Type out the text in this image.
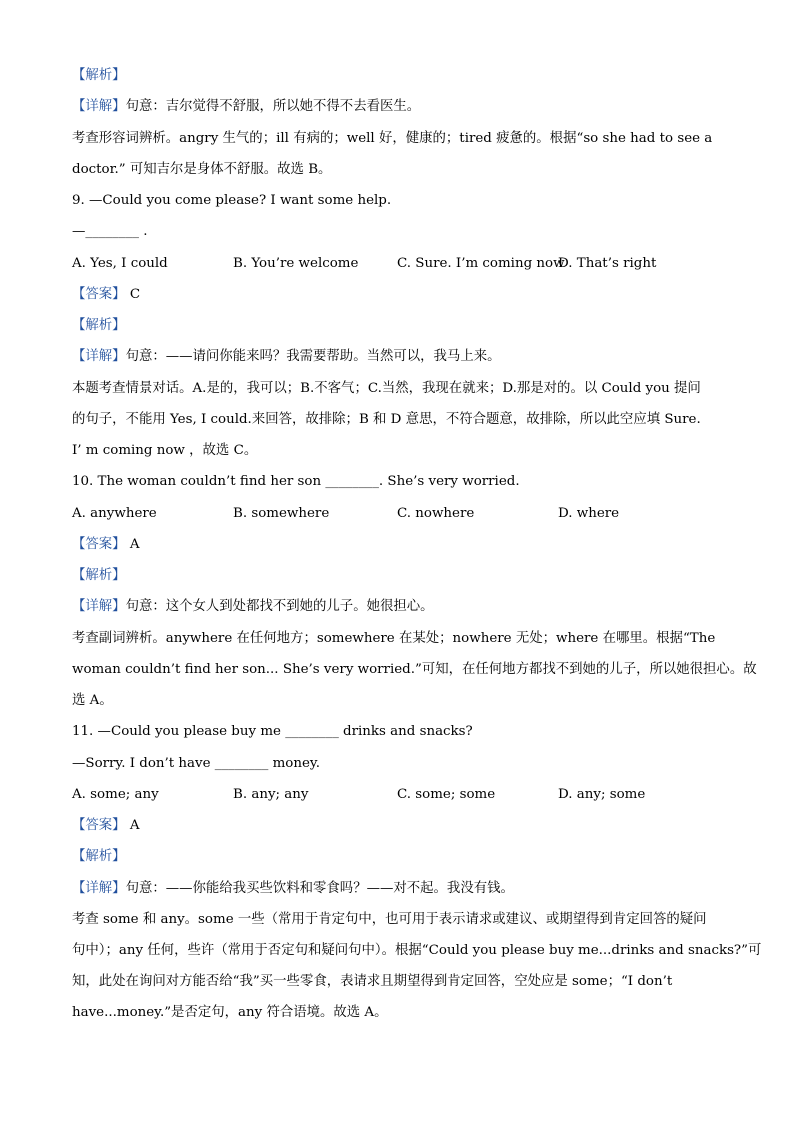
【解析】
【详解】句意：吉尔觉得不舒服，所以她不得不去看医生。
考查形容词辨析。angry 生气的；ill 有病的；well 好，健康的；tired 疲惫的。根据“so she had to see a
doctor.” 可知吉尔是身体不舒服。故选 B。
9. —Could you come please? I want some help.
—________ .
A. Yes, I could	B. You’re welcome	C. Sure. I’m coming now
D. That’s right
【答案】 C
【解析】
【详解】句意：——请问你能来吗？我需要帮助。当然可以，我马上来。
本题考查情景对话。A.是的，我可以；B.不客气；C.当然，我现在就来；D.那是对的。以 Could you 提问
的句子，不能用 Yes, I could.来回答，故排除；B 和 D 意思，不符合题意，故排除，所以此空应填 Sure.
I’ m coming now ，故选 C。
10. The woman couldn’t find her son ________. She’s very worried.
A. anywhere	B. somewhere	C. nowhere	D. where
【答案】 A
【解析】
【详解】句意：这个女人到处都找不到她的儿子。她很担心。
考查副词辨析。anywhere 在任何地方；somewhere 在某处；nowhere 无处；where 在哪里。根据“The
woman couldn’t find her son... She’s very worried.”可知，在任何地方都找不到她的儿子，所以她很担心。故
选 A。
11. —Could you please buy me ________ drinks and snacks?
—Sorry. I don’t have ________ money.
A. some; any	B. any; any	C. some; some	D. any; some
【答案】 A
【解析】
【详解】句意：——你能给我买些饮料和零食吗？——对不起。我没有钱。
考查 some 和 any。some 一些（常用于肯定句中，也可用于表示请求或建议、或期望得到肯定回答的疑问
句中）；any 任何，些许（常用于否定句和疑问句中）。根据“Could you please buy me...drinks and snacks?”可
知，此处在询问对方能否给“我”买一些零食，表请求且期望得到肯定回答，空处应是 some；“I don’t
have...money.”是否定句，any 符合语境。故选 A。
